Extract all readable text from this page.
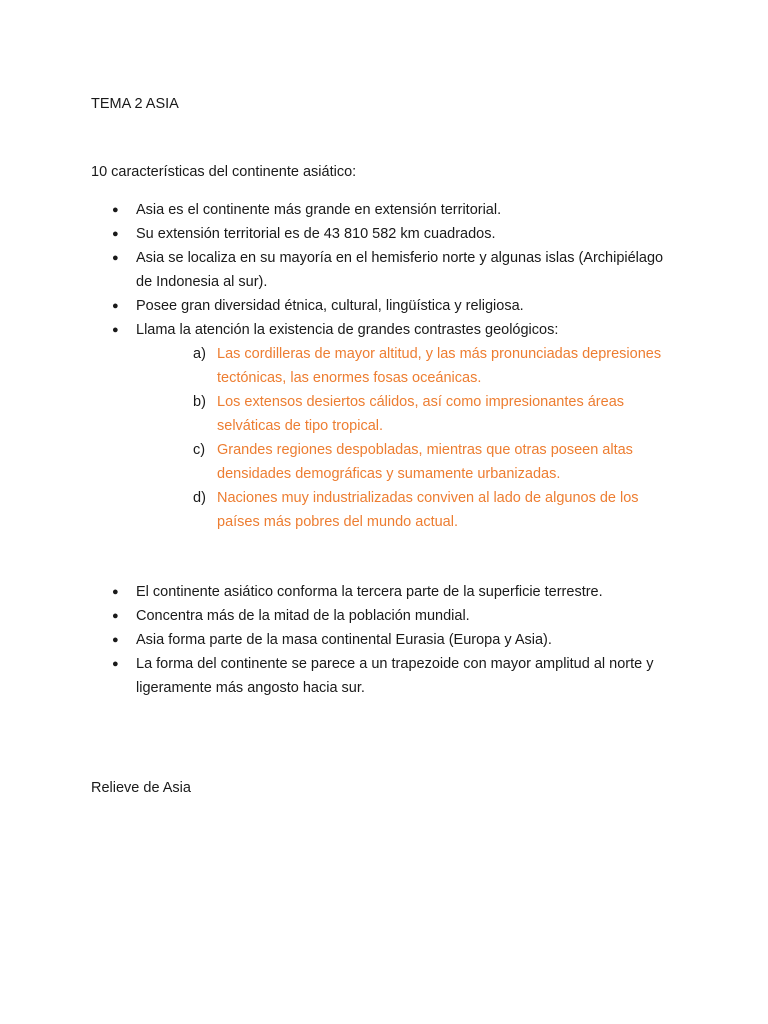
TEMA 2 ASIA

10 características del continente asiático:

●	Asia es el continente más grande en extensión territorial.
●	Su extensión territorial es de 43 810 582 km cuadrados.
●	Asia se localiza en su mayoría en el hemisferio norte y algunas islas (Archipiélago de Indonesia al sur).
●	Posee gran diversidad étnica, cultural, lingüística y religiosa.
●	Llama la atención la existencia de grandes contrastes geológicos:
a) Las cordilleras de mayor altitud, y las más pronunciadas depresiones tectónicas, las enormes fosas oceánicas.
b) Los extensos desiertos cálidos, así como impresionantes áreas selváticas de tipo tropical.
c) Grandes regiones despobladas, mientras que otras poseen altas densidades demográficas y sumamente urbanizadas.
d) Naciones muy industrializadas conviven al lado de algunos de los países más pobres del mundo actual.
●	El continente asiático conforma la tercera parte de la superficie terrestre.
●	Concentra más de la mitad de la población mundial.
●	Asia forma parte de la masa continental Eurasia (Europa y Asia).
●	La forma del continente se parece a un trapezoide con mayor amplitud al norte y ligeramente más angosto hacia sur.

Relieve de Asia
